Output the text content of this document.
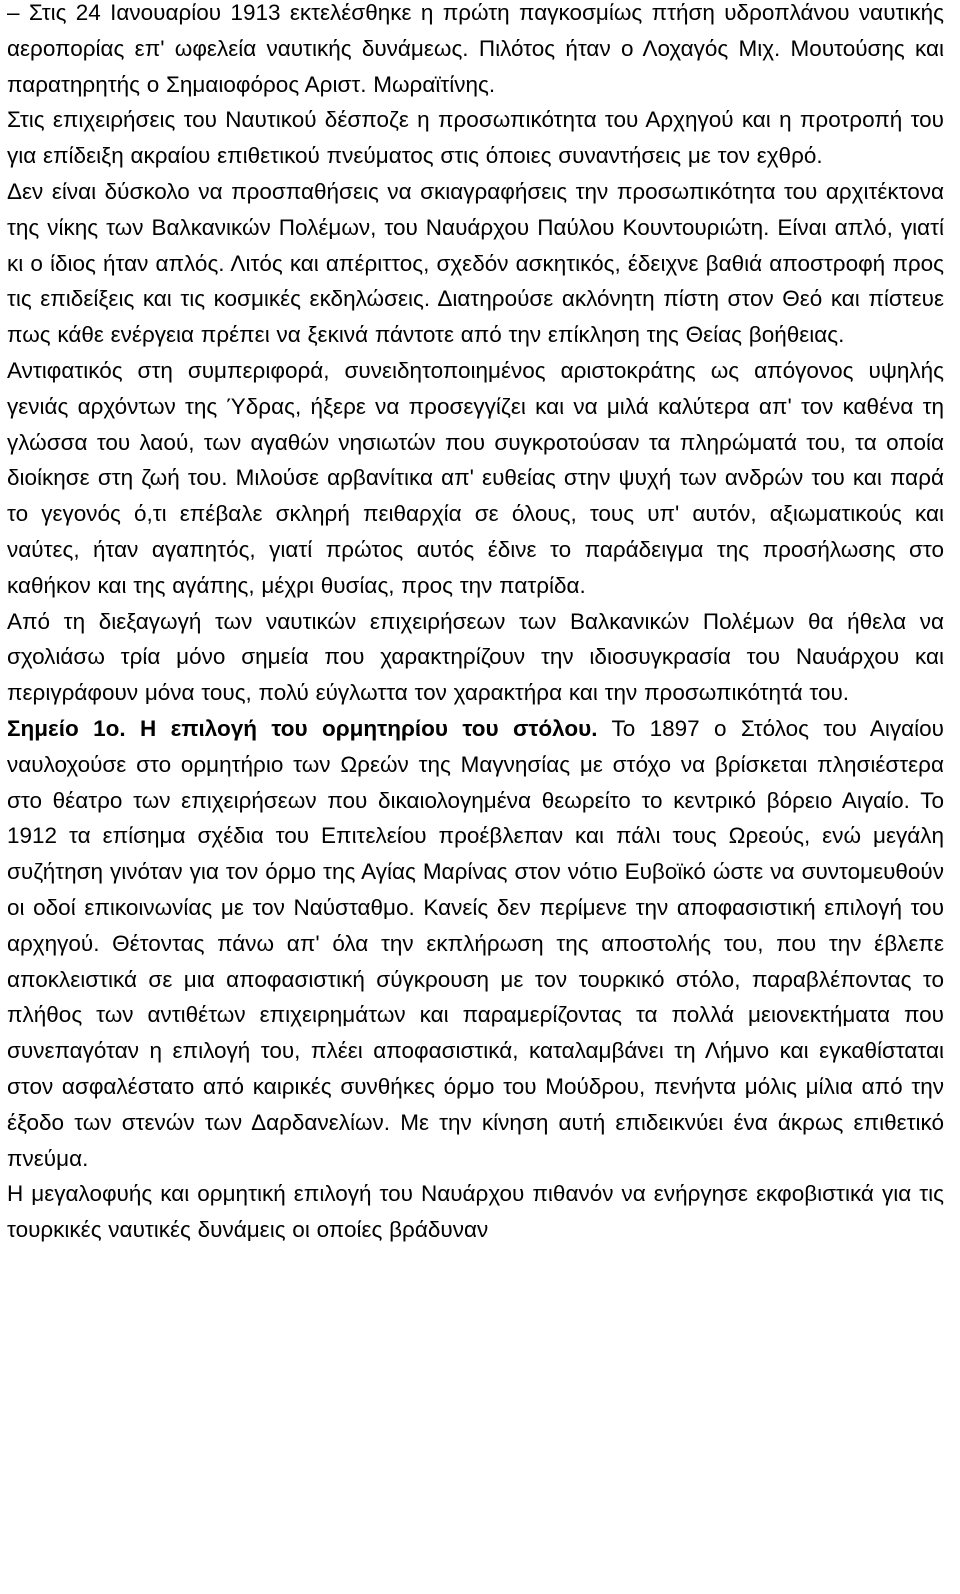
– Στις 24 Ιανουαρίου 1913 εκτελέσθηκε η πρώτη παγκοσμίως πτήση υδροπλάνου ναυτικής αεροπορίας επ' ωφελεία ναυτικής δυνάμεως. Πιλότος ήταν ο Λοχαγός Μιχ. Μουτούσης και παρατηρητής ο Σημαιοφόρος Αριστ. Μωραϊτίνης.

Στις επιχειρήσεις του Ναυτικού δέσποζε η προσωπικότητα του Αρχηγού και η προτροπή του για επίδειξη ακραίου επιθετικού πνεύματος στις όποιες συναντήσεις με τον εχθρό.

Δεν είναι δύσκολο να προσπαθήσεις να σκιαγραφήσεις την προσωπικότητα του αρχιτέκτονα της νίκης των Βαλκανικών Πολέμων, του Ναυάρχου Παύλου Κουντουριώτη. Είναι απλό, γιατί κι ο ίδιος ήταν απλός. Λιτός και απέριττος, σχεδόν ασκητικός, έδειχνε βαθιά αποστροφή προς τις επιδείξεις και τις κοσμικές εκδηλώσεις. Διατηρούσε ακλόνητη πίστη στον Θεό και πίστευε πως κάθε ενέργεια πρέπει να ξεκινά πάντοτε από την επίκληση της Θείας βοήθειας.

Αντιφατικός στη συμπεριφορά, συνειδητοποιημένος αριστοκράτης ως απόγονος υψηλής γενιάς αρχόντων της Ύδρας, ήξερε να προσεγγίζει και να μιλά καλύτερα απ' τον καθένα τη γλώσσα του λαού, των αγαθών νησιωτών που συγκροτούσαν τα πληρώματά του, τα οποία διοίκησε στη ζωή του. Μιλούσε αρβανίτικα απ' ευθείας στην ψυχή των ανδρών του και παρά το γεγονός ό,τι επέβαλε σκληρή πειθαρχία σε όλους, τους υπ' αυτόν, αξιωματικούς και ναύτες, ήταν αγαπητός, γιατί πρώτος αυτός έδινε το παράδειγμα της προσήλωσης στο καθήκον και της αγάπης, μέχρι θυσίας, προς την πατρίδα.

Από τη διεξαγωγή των ναυτικών επιχειρήσεων των Βαλκανικών Πολέμων θα ήθελα να σχολιάσω τρία μόνο σημεία που χαρακτηρίζουν την ιδιοσυγκρασία του Ναυάρχου και περιγράφουν μόνα τους, πολύ εύγλωττα τον χαρακτήρα και την προσωπικότητά του.

Σημείο 1ο. Η επιλογή του ορμητηρίου του στόλου. Το 1897 ο Στόλος του Αιγαίου ναυλοχούσε στο ορμητήριο των Ωρεών της Μαγνησίας με στόχο να βρίσκεται πλησιέστερα στο θέατρο των επιχειρήσεων που δικαιολογημένα θεωρείτο το κεντρικό βόρειο Αιγαίο. Το 1912 τα επίσημα σχέδια του Επιτελείου προέβλεπαν και πάλι τους Ωρεούς, ενώ μεγάλη συζήτηση γινόταν για τον όρμο της Αγίας Μαρίνας στον νότιο Ευβοϊκό ώστε να συντομευθούν οι οδοί επικοινωνίας με τον Ναύσταθμο. Κανείς δεν περίμενε την αποφασιστική επιλογή του αρχηγού. Θέτοντας πάνω απ' όλα την εκπλήρωση της αποστολής του, που την έβλεπε αποκλειστικά σε μια αποφασιστική σύγκρουση με τον τουρκικό στόλο, παραβλέποντας το πλήθος των αντιθέτων επιχειρημάτων και παραμερίζοντας τα πολλά μειονεκτήματα που συνεπαγόταν η επιλογή του, πλέει αποφασιστικά, καταλαμβάνει τη Λήμνο και εγκαθίσταται στον ασφαλέστατο από καιρικές συνθήκες όρμο του Μούδρου, πενήντα μόλις μίλια από την έξοδο των στενών των Δαρδανελίων. Με την κίνηση αυτή επιδεικνύει ένα άκρως επιθετικό πνεύμα.

Η μεγαλοφυής και ορμητική επιλογή του Ναυάρχου πιθανόν να ενήργησε εκφοβιστικά για τις τουρκικές ναυτικές δυνάμεις οι οποίες βράδυναν
